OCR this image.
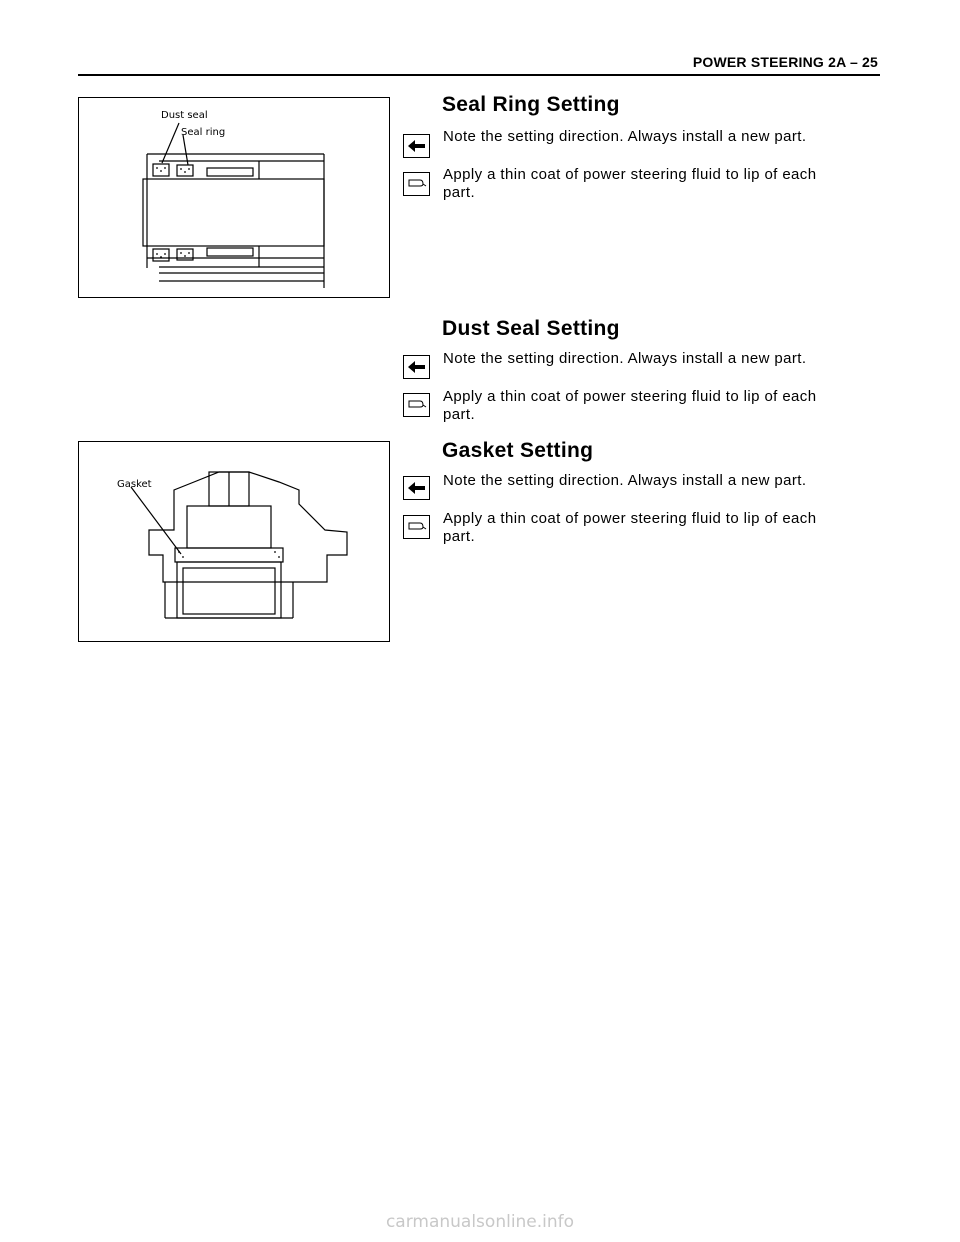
POWER STEERING 2A – 25
Dust seal
Seal ring
Gasket
Seal Ring Setting
Note the setting direction. Always install a new part.
Apply a thin coat of power steering fluid to lip of each part.
Dust Seal Setting
Note the setting direction. Always install a new part.
Apply a thin coat of power steering fluid to lip of each part.
Gasket Setting
Note the setting direction. Always install a new part.
Apply a thin coat of power steering fluid to lip of each part.
carmanualsonline.info
